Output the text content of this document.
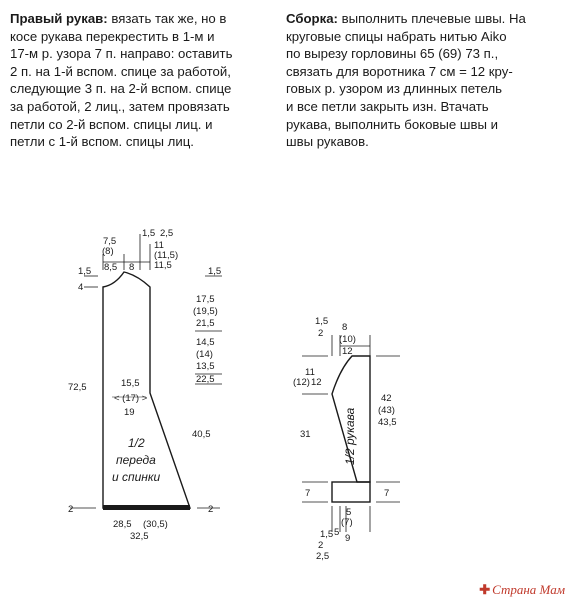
Правый рукав: вязать так же, но в
косе рукава перекрестить в 1-м и
17-м р. узора 7 п. направо: оставить
2 п. на 1-й вспом. спице за работой,
следующие 3 п. на 2-й вспом. спице
за работой, 2 лиц., затем провязать
петли со 2-й вспом. спицы лиц. и
петли с 1-й вспом. спицы лиц.
Сборка: выполнить плечевые швы. На
круговые спицы набрать нитью Aiko
по вырезу горловины 65 (69) 73 п.,
связать для воротника 7 см = 12 кру-
говых р. узором из длинных петель
и все петли закрыть изн. Втачать
рукава, выполнить боковые швы и
швы рукавов.
7,5
(8)
8,5
1,5 2,5
8
11
(11,5)
11,5
1,5
4
1,5
17,5
(19,5)
21,5
14,5
(14)
13,5
22,5
72,5	15,5
< (17) >
19
40,5
1/2
переда
и спинки
2	2
28,5 (30,5)
32,5
1,5
2
8
(10)
12
11
(12) 12
42
(43)
43,5
31	1/2 рукава
7	7
5
(7)
5
1,5
2
2,5
9
✚ Страна Мам
